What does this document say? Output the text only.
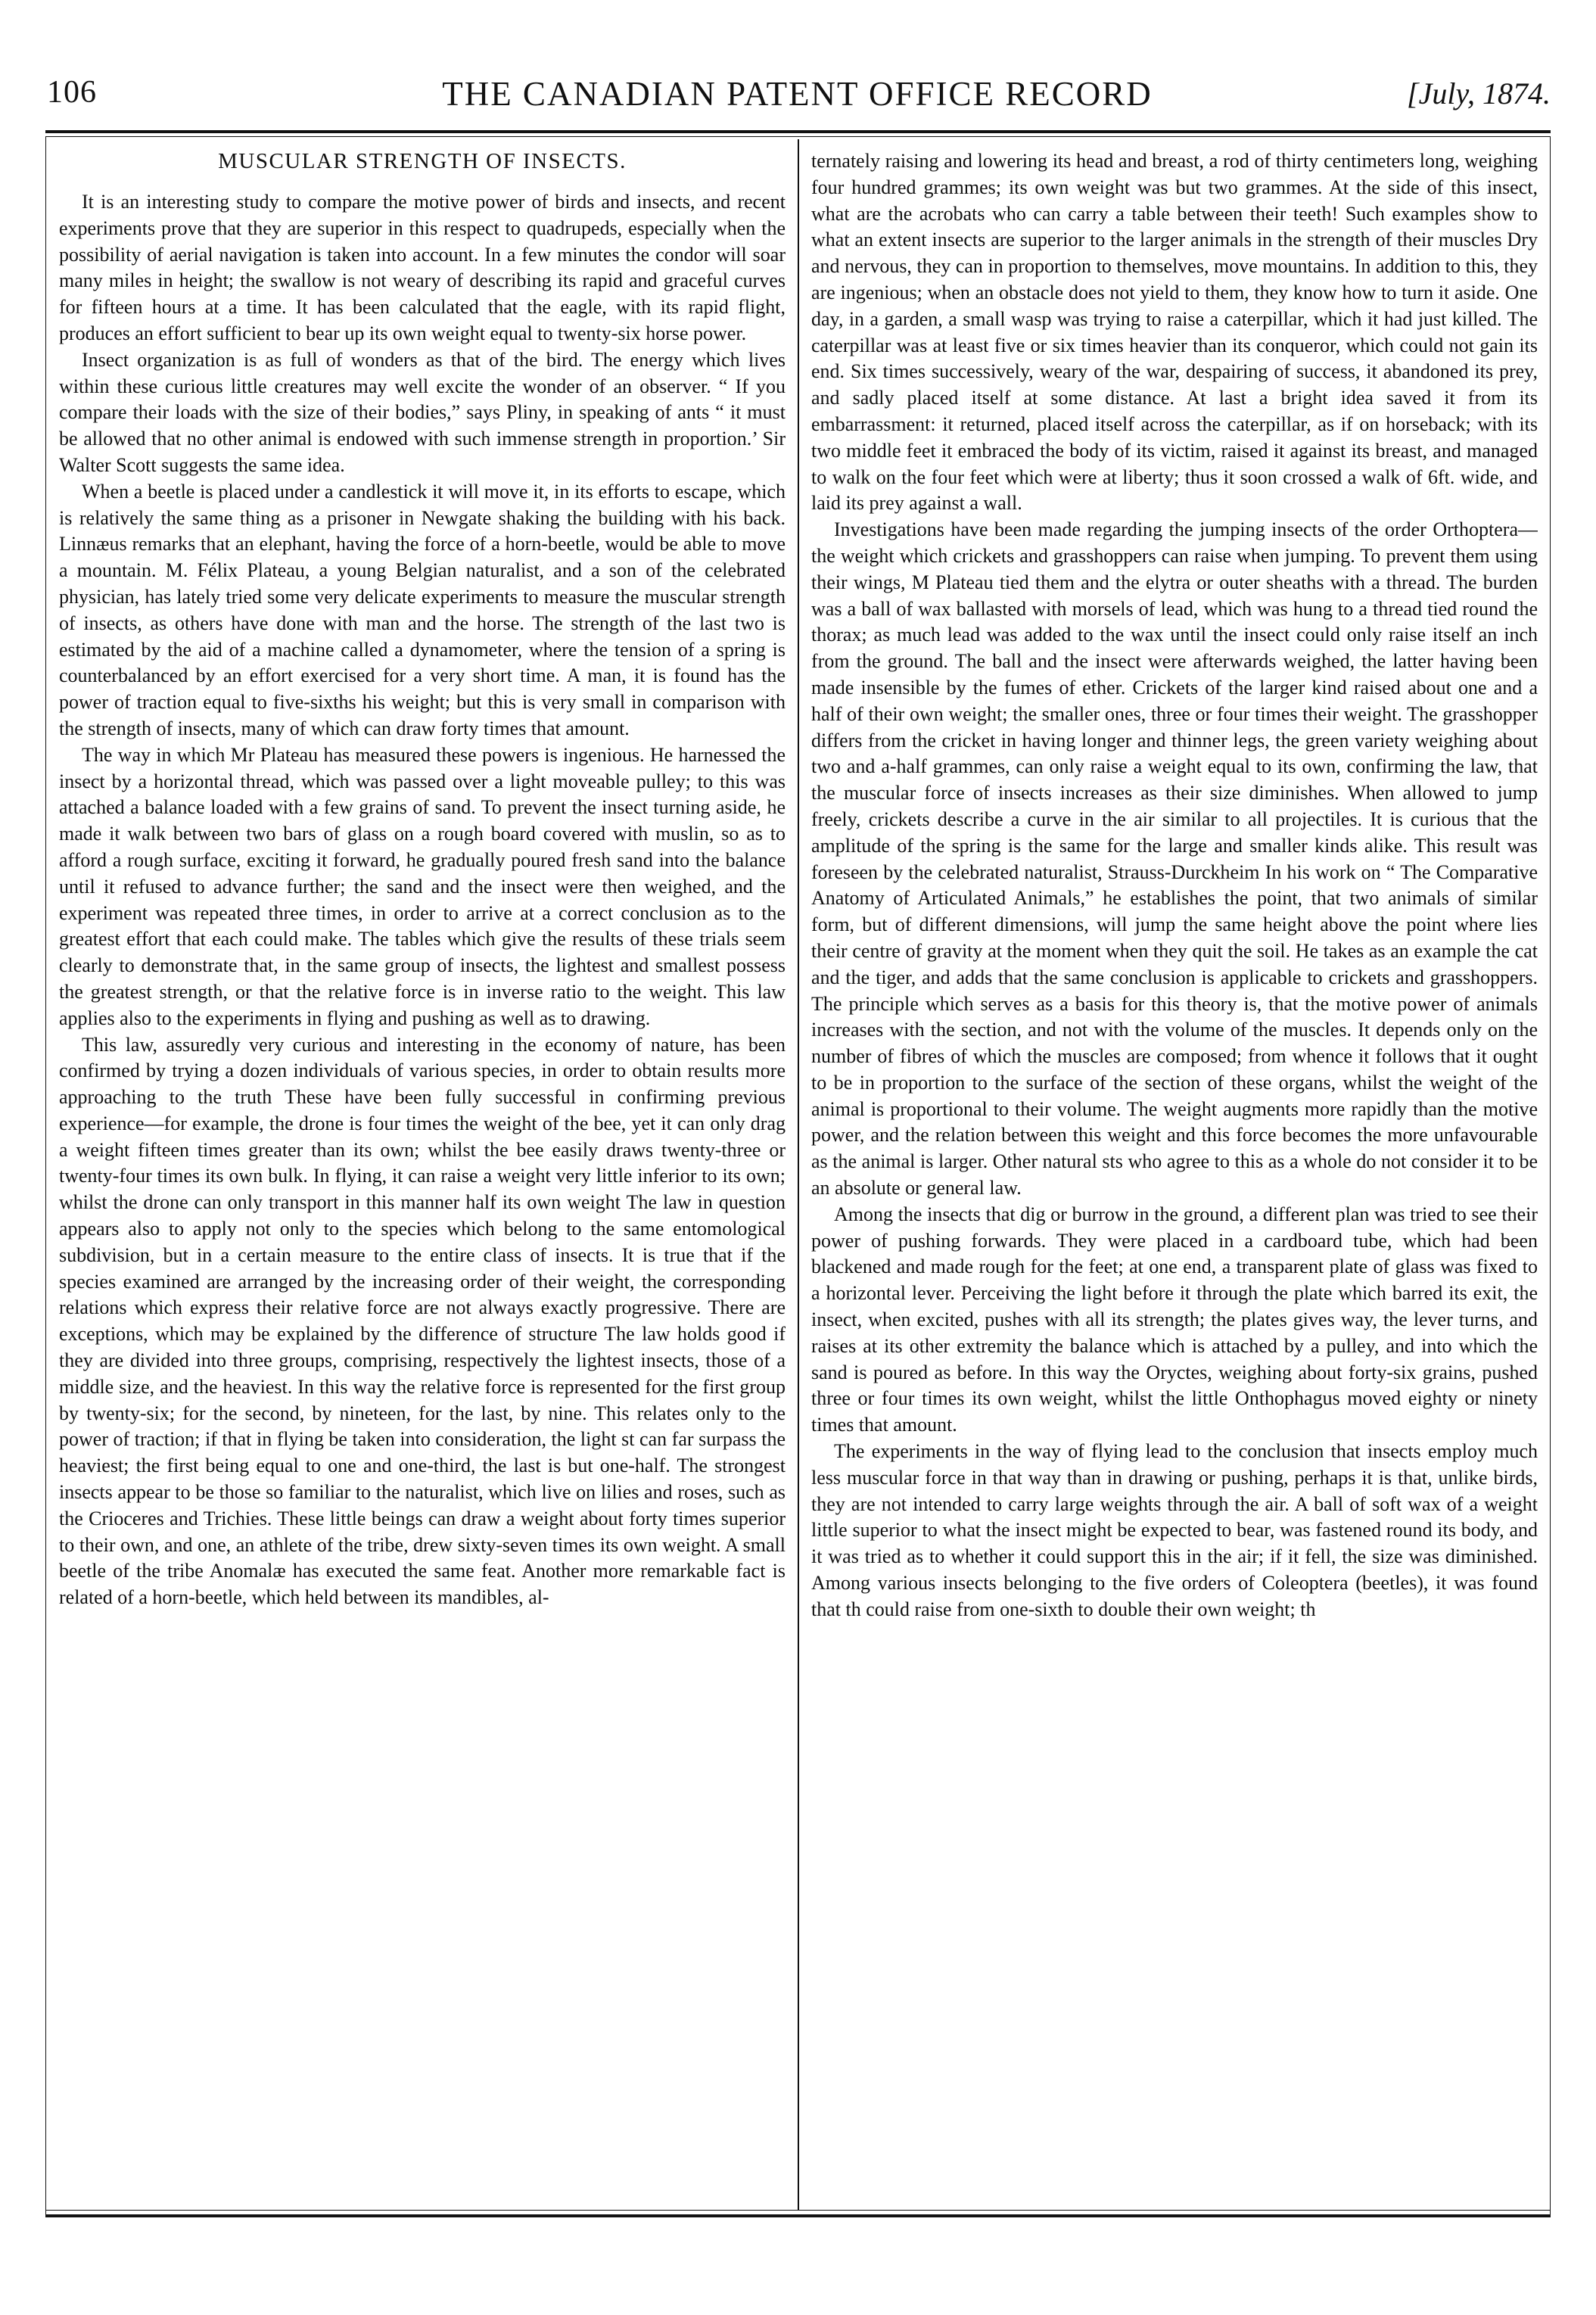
106	THE CANADIAN PATENT OFFICE RECORD	[July, 1874.
MUSCULAR STRENGTH OF INSECTS.

It is an interesting study to compare the motive power of birds and insects, and recent experiments prove that they are superior in this respect to quadrupeds, especially when the possibility of aerial navigation is taken into account. In a few minutes the condor will soar many miles in height; the swallow is not weary of describing its rapid and graceful curves for fifteen hours at a time. It has been calculated that the eagle, with its rapid flight, produces an effort sufficient to bear up its own weight equal to twenty-six horse power.

Insect organization is as full of wonders as that of the bird. The energy which lives within these curious little creatures may well excite the wonder of an observer. “ If you compare their loads with the size of their bodies,” says Pliny, in speaking of ants “ it must be allowed that no other animal is endowed with such immense strength in proportion.’ Sir Walter Scott suggests the same idea.

When a beetle is placed under a candlestick it will move it, in its efforts to escape, which is relatively the same thing as a prisoner in Newgate shaking the building with his back. Linnæus remarks that an elephant, having the force of a horn-beetle, would be able to move a mountain. M. Félix Plateau, a young Belgian naturalist, and a son of the celebrated physician, has lately tried some very delicate experiments to measure the muscular strength of insects, as others have done with man and the horse. The strength of the last two is estimated by the aid of a machine called a dynamometer, where the tension of a spring is counterbalanced by an effort exercised for a very short time. A man, it is found has the power of traction equal to five-sixths his weight; but this is very small in comparison with the strength of insects, many of which can draw forty times that amount.

The way in which Mr Plateau has measured these powers is ingenious. He harnessed the insect by a horizontal thread, which was passed over a light moveable pulley; to this was attached a balance loaded with a few grains of sand. To prevent the insect turning aside, he made it walk between two bars of glass on a rough board covered with muslin, so as to afford a rough surface, exciting it forward, he gradually poured fresh sand into the balance until it refused to advance further; the sand and the insect were then weighed, and the experiment was repeated three times, in order to arrive at a correct conclusion as to the greatest effort that each could make. The tables which give the results of these trials seem clearly to demonstrate that, in the same group of insects, the lightest and smallest possess the greatest strength, or that the relative force is in inverse ratio to the weight. This law applies also to the experiments in flying and pushing as well as to drawing.

This law, assuredly very curious and interesting in the economy of nature, has been confirmed by trying a dozen individuals of various species, in order to obtain results more approaching to the truth These have been fully successful in confirming previous experience—for example, the drone is four times the weight of the bee, yet it can only drag a weight fifteen times greater than its own; whilst the bee easily draws twenty-three or twenty-four times its own bulk. In flying, it can raise a weight very little inferior to its own; whilst the drone can only transport in this manner half its own weight The law in question appears also to apply not only to the species which belong to the same entomological subdivision, but in a certain measure to the entire class of insects. It is true that if the species examined are arranged by the increasing order of their weight, the corresponding relations which express their relative force are not always exactly progressive. There are exceptions, which may be explained by the difference of structure The law holds good if they are divided into three groups, comprising, respectively the lightest insects, those of a middle size, and the heaviest. In this way the relative force is represented for the first group by twenty-six; for the second, by nineteen, for the last, by nine. This relates only to the power of traction; if that in flying be taken into consideration, the light st can far surpass the heaviest; the first being equal to one and one-third, the last is but one-half. The strongest insects appear to be those so familiar to the naturalist, which live on lilies and roses, such as the Crioceres and Trichies. These little beings can draw a weight about forty times superior to their own, and one, an athlete of the tribe, drew sixty-seven times its own weight. A small beetle of the tribe Anomalæ has executed the same feat. Another more remarkable fact is related of a horn-beetle, which held between its mandibles, al-

ternately raising and lowering its head and breast, a rod of thirty centimeters long, weighing four hundred grammes; its own weight was but two grammes. At the side of this insect, what are the acrobats who can carry a table between their teeth! Such examples show to what an extent insects are superior to the larger animals in the strength of their muscles Dry and nervous, they can in proportion to themselves, move mountains. In addition to this, they are ingenious; when an obstacle does not yield to them, they know how to turn it aside. One day, in a garden, a small wasp was trying to raise a caterpillar, which it had just killed. The caterpillar was at least five or six times heavier than its conqueror, which could not gain its end. Six times successively, weary of the war, despairing of success, it abandoned its prey, and sadly placed itself at some distance. At last a bright idea saved it from its embarrassment: it returned, placed itself across the caterpillar, as if on horseback; with its two middle feet it embraced the body of its victim, raised it against its breast, and managed to walk on the four feet which were at liberty; thus it soon crossed a walk of 6ft. wide, and laid its prey against a wall.

Investigations have been made regarding the jumping insects of the order Orthoptera—the weight which crickets and grasshoppers can raise when jumping. To prevent them using their wings, M Plateau tied them and the elytra or outer sheaths with a thread. The burden was a ball of wax ballasted with morsels of lead, which was hung to a thread tied round the thorax; as much lead was added to the wax until the insect could only raise itself an inch from the ground. The ball and the insect were afterwards weighed, the latter having been made insensible by the fumes of ether. Crickets of the larger kind raised about one and a half of their own weight; the smaller ones, three or four times their weight. The grasshopper differs from the cricket in having longer and thinner legs, the green variety weighing about two and a-half grammes, can only raise a weight equal to its own, confirming the law, that the muscular force of insects increases as their size diminishes. When allowed to jump freely, crickets describe a curve in the air similar to all projectiles. It is curious that the amplitude of the spring is the same for the large and smaller kinds alike. This result was foreseen by the celebrated naturalist, Strauss-Durckheim In his work on “ The Comparative Anatomy of Articulated Animals,” he establishes the point, that two animals of similar form, but of different dimensions, will jump the same height above the point where lies their centre of gravity at the moment when they quit the soil. He takes as an example the cat and the tiger, and adds that the same conclusion is applicable to crickets and grasshoppers. The principle which serves as a basis for this theory is, that the motive power of animals increases with the section, and not with the volume of the muscles. It depends only on the number of fibres of which the muscles are composed; from whence it follows that it ought to be in proportion to the surface of the section of these organs, whilst the weight of the animal is proportional to their volume. The weight augments more rapidly than the motive power, and the relation between this weight and this force becomes the more unfavourable as the animal is larger. Other natural sts who agree to this as a whole do not consider it to be an absolute or general law.

Among the insects that dig or burrow in the ground, a different plan was tried to see their power of pushing forwards. They were placed in a cardboard tube, which had been blackened and made rough for the feet; at one end, a transparent plate of glass was fixed to a horizontal lever. Perceiving the light before it through the plate which barred its exit, the insect, when excited, pushes with all its strength; the plates gives way, the lever turns, and raises at its other extremity the balance which is attached by a pulley, and into which the sand is poured as before. In this way the Oryctes, weighing about forty-six grains, pushed three or four times its own weight, whilst the little Onthophagus moved eighty or ninety times that amount.

The experiments in the way of flying lead to the conclusion that insects employ much less muscular force in that way than in drawing or pushing, perhaps it is that, unlike birds, they are not intended to carry large weights through the air. A ball of soft wax of a weight little superior to what the insect might be expected to bear, was fastened round its body, and it was tried as to whether it could support this in the air; if it fell, the size was diminished. Among various insects belonging to the five orders of Coleoptera (beetles), it was found that th could raise from one-sixth to double their own weight; th
